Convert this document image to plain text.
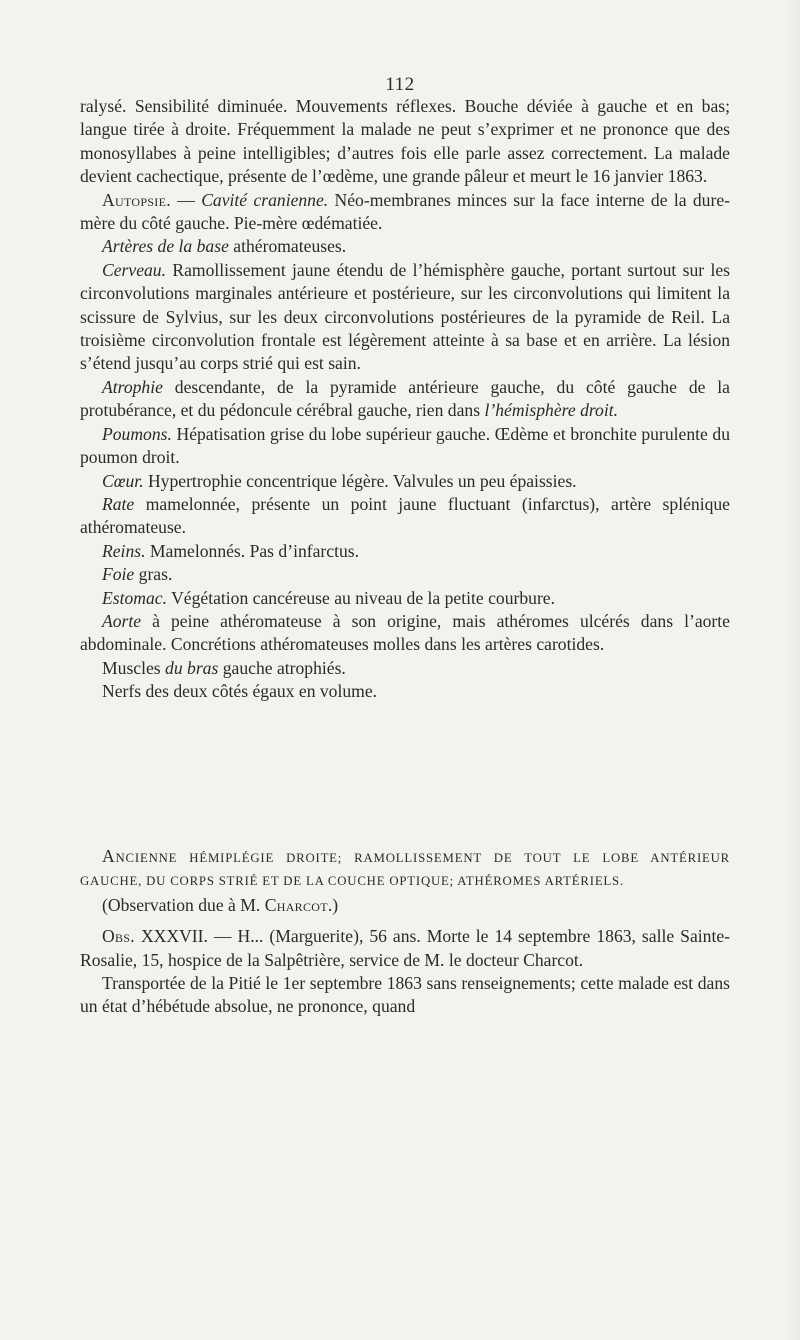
112

ralysé. Sensibilité diminuée. Mouvements réflexes. Bouche déviée à gauche et en bas; langue tirée à droite. Fréquemment la malade ne peut s’exprimer et ne prononce que des monosyllabes à peine intelligibles; d’autres fois elle parle assez correctement. La malade devient cachectique, présente de l’œdème, une grande pâleur et meurt le 16 janvier 1863.

Autopsie. — Cavité cranienne. Néo-membranes minces sur la face interne de la dure-mère du côté gauche. Pie-mère œdématiée.

Artères de la base athéromateuses.

Cerveau. Ramollissement jaune étendu de l’hémisphère gauche, portant surtout sur les circonvolutions marginales antérieure et postérieure, sur les circonvolutions qui limitent la scissure de Sylvius, sur les deux circonvolutions postérieures de la pyramide de Reil. La troisième circonvolution frontale est légèrement atteinte à sa base et en arrière. La lésion s’étend jusqu’au corps strié qui est sain.

Atrophie descendante, de la pyramide antérieure gauche, du côté gauche de la protubérance, et du pédoncule cérébral gauche, rien dans l’hémisphère droit.

Poumons. Hépatisation grise du lobe supérieur gauche. Œdème et bronchite purulente du poumon droit.

Cœur. Hypertrophie concentrique légère. Valvules un peu épaissies.

Rate mamelonnée, présente un point jaune fluctuant (infarctus), artère splénique athéromateuse.

Reins. Mamelonnés. Pas d’infarctus.

Foie gras.

Estomac. Végétation cancéreuse au niveau de la petite courbure.

Aorte à peine athéromateuse à son origine, mais athéromes ulcérés dans l’aorte abdominale. Concrétions athéromateuses molles dans les artères carotides.

Muscles du bras gauche atrophiés.

Nerfs des deux côtés égaux en volume.

ANCIENNE HÉMIPLÉGIE DROITE; RAMOLLISSEMENT DE TOUT LE LOBE ANTÉRIEUR GAUCHE, DU CORPS STRIÉ ET DE LA COUCHE OPTIQUE; ATHÉROMES ARTÉRIELS.

(Observation due à M. Charcot.)

Obs. XXXVII. — H... (Marguerite), 56 ans. Morte le 14 septembre 1863, salle Sainte-Rosalie, 15, hospice de la Salpêtrière, service de M. le docteur Charcot.

Transportée de la Pitié le 1er septembre 1863 sans renseignements; cette malade est dans un état d’hébétude absolue, ne prononce, quand
